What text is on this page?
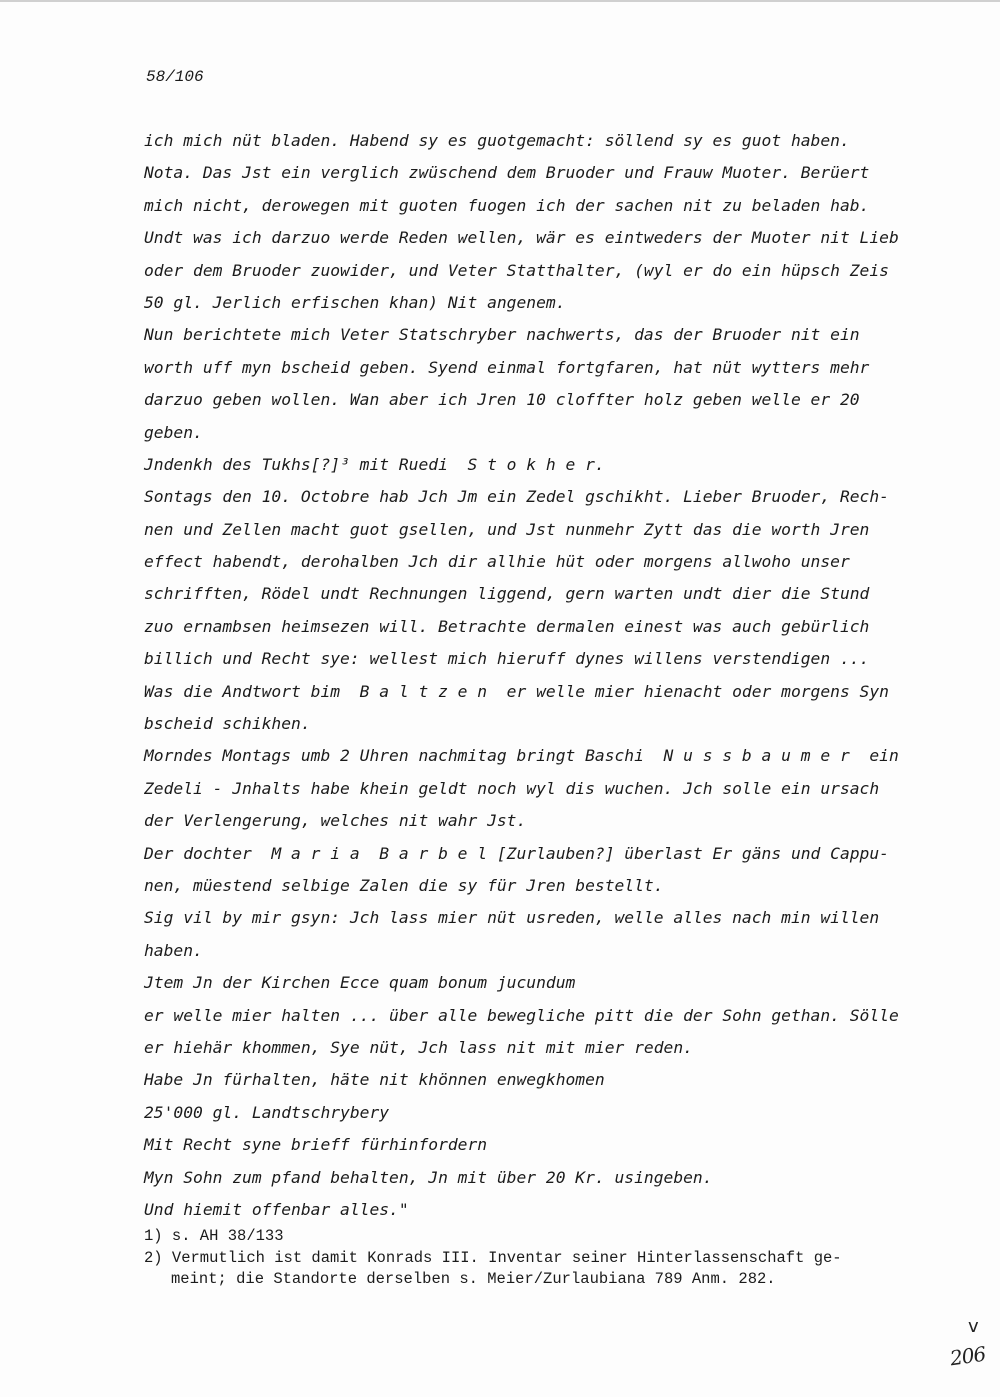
58/106
ich mich nüt bladen. Habend sy es guotgemacht: söllend sy es guot haben.
Nota. Das Jst ein verglich zwüschend dem Bruoder und Frauw Muoter. Berüert
mich nicht, derowegen mit guoten fuogen ich der sachen nit zu beladen hab.
Undt was ich darzuo werde Reden wellen, wär es eintweders der Muoter nit Lieb
oder dem Bruoder zuowider, und Veter Statthalter, (wyl er do ein hüpsch Zeis
50 gl. Jerlich erfischen khan) Nit angenem.
Nun berichtete mich Veter Statschryber nachwerts, das der Bruoder nit ein
worth uff myn bscheid geben. Syend einmal fortgfaren, hat nüt wytters mehr
darzuo geben wollen. Wan aber ich Jren 10 cloffter holz geben welle er 20
geben.
Jndenkh des Tukhs[?]³ mit Ruedi  S t o k h e r.
Sontags den 10. Octobre hab Jch Jm ein Zedel gschikht. Lieber Bruoder, Rech-
nen und Zellen macht guot gsellen, und Jst nunmehr Zytt das die worth Jren
effect habendt, derohalben Jch dir allhie hüt oder morgens allwoho unser
schrifften, Rödel undt Rechnungen liggend, gern warten undt dier die Stund
zuo ernambsen heimsezen will. Betrachte dermalen einest was auch gebürlich
billich und Recht sye: wellest mich hieruff dynes willens verstendigen ...
Was die Andtwort bim  B a l t z e n  er welle mier hienacht oder morgens Syn
bscheid schikhen.
Morndes Montags umb 2 Uhren nachmitag bringt Baschi  N u s s b a u m e r  ein
Zedeli - Jnhalts habe khein geldt noch wyl dis wuchen. Jch solle ein ursach
der Verlengerung, welches nit wahr Jst.
Der dochter  M a r i a  B a r b e l [Zurlauben?] überlast Er gäns und Cappu-
nen, müestend selbige Zalen die sy für Jren bestellt.
Sig vil by mir gsyn: Jch lass mier nüt usreden, welle alles nach min willen
haben.
Jtem Jn der Kirchen Ecce quam bonum jucundum
er welle mier halten ... über alle bewegliche pitt die der Sohn gethan. Sölle
er hiehär khommen, Sye nüt, Jch lass nit mit mier reden.
Habe Jn fürhalten, häte nit khönnen enwegkhomen
25'000 gl. Landtschrybery
Mit Recht syne brieff fürhinfordern
Myn Sohn zum pfand behalten, Jn mit über 20 Kr. usingeben.
Und hiemit offenbar alles."
1) s. AH 38/133
2) Vermutlich ist damit Konrads III. Inventar seiner Hinterlassenschaft ge-
meint; die Standorte derselben s. Meier/Zurlaubiana 789 Anm. 282.
v
206
